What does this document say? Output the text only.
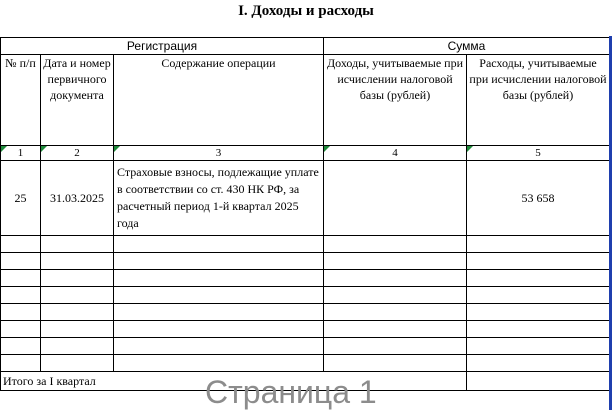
I. Доходы и расходы
Регистрация			Сумма	
№ п/п	Дата и номер первичного документа	Содержание операции	Доходы, учитываемые при исчислении налоговой базы (рублей)	Расходы, учитываемые при исчислении налоговой базы (рублей)
1	2	3	4	5
25	31.03.2025	Страховые взносы, подлежащие уплате в соответствии со ст. 430 НК РФ, за расчетный период 1-й квартал 2025 года		53 658

Итого за I квартал					Страница 1
